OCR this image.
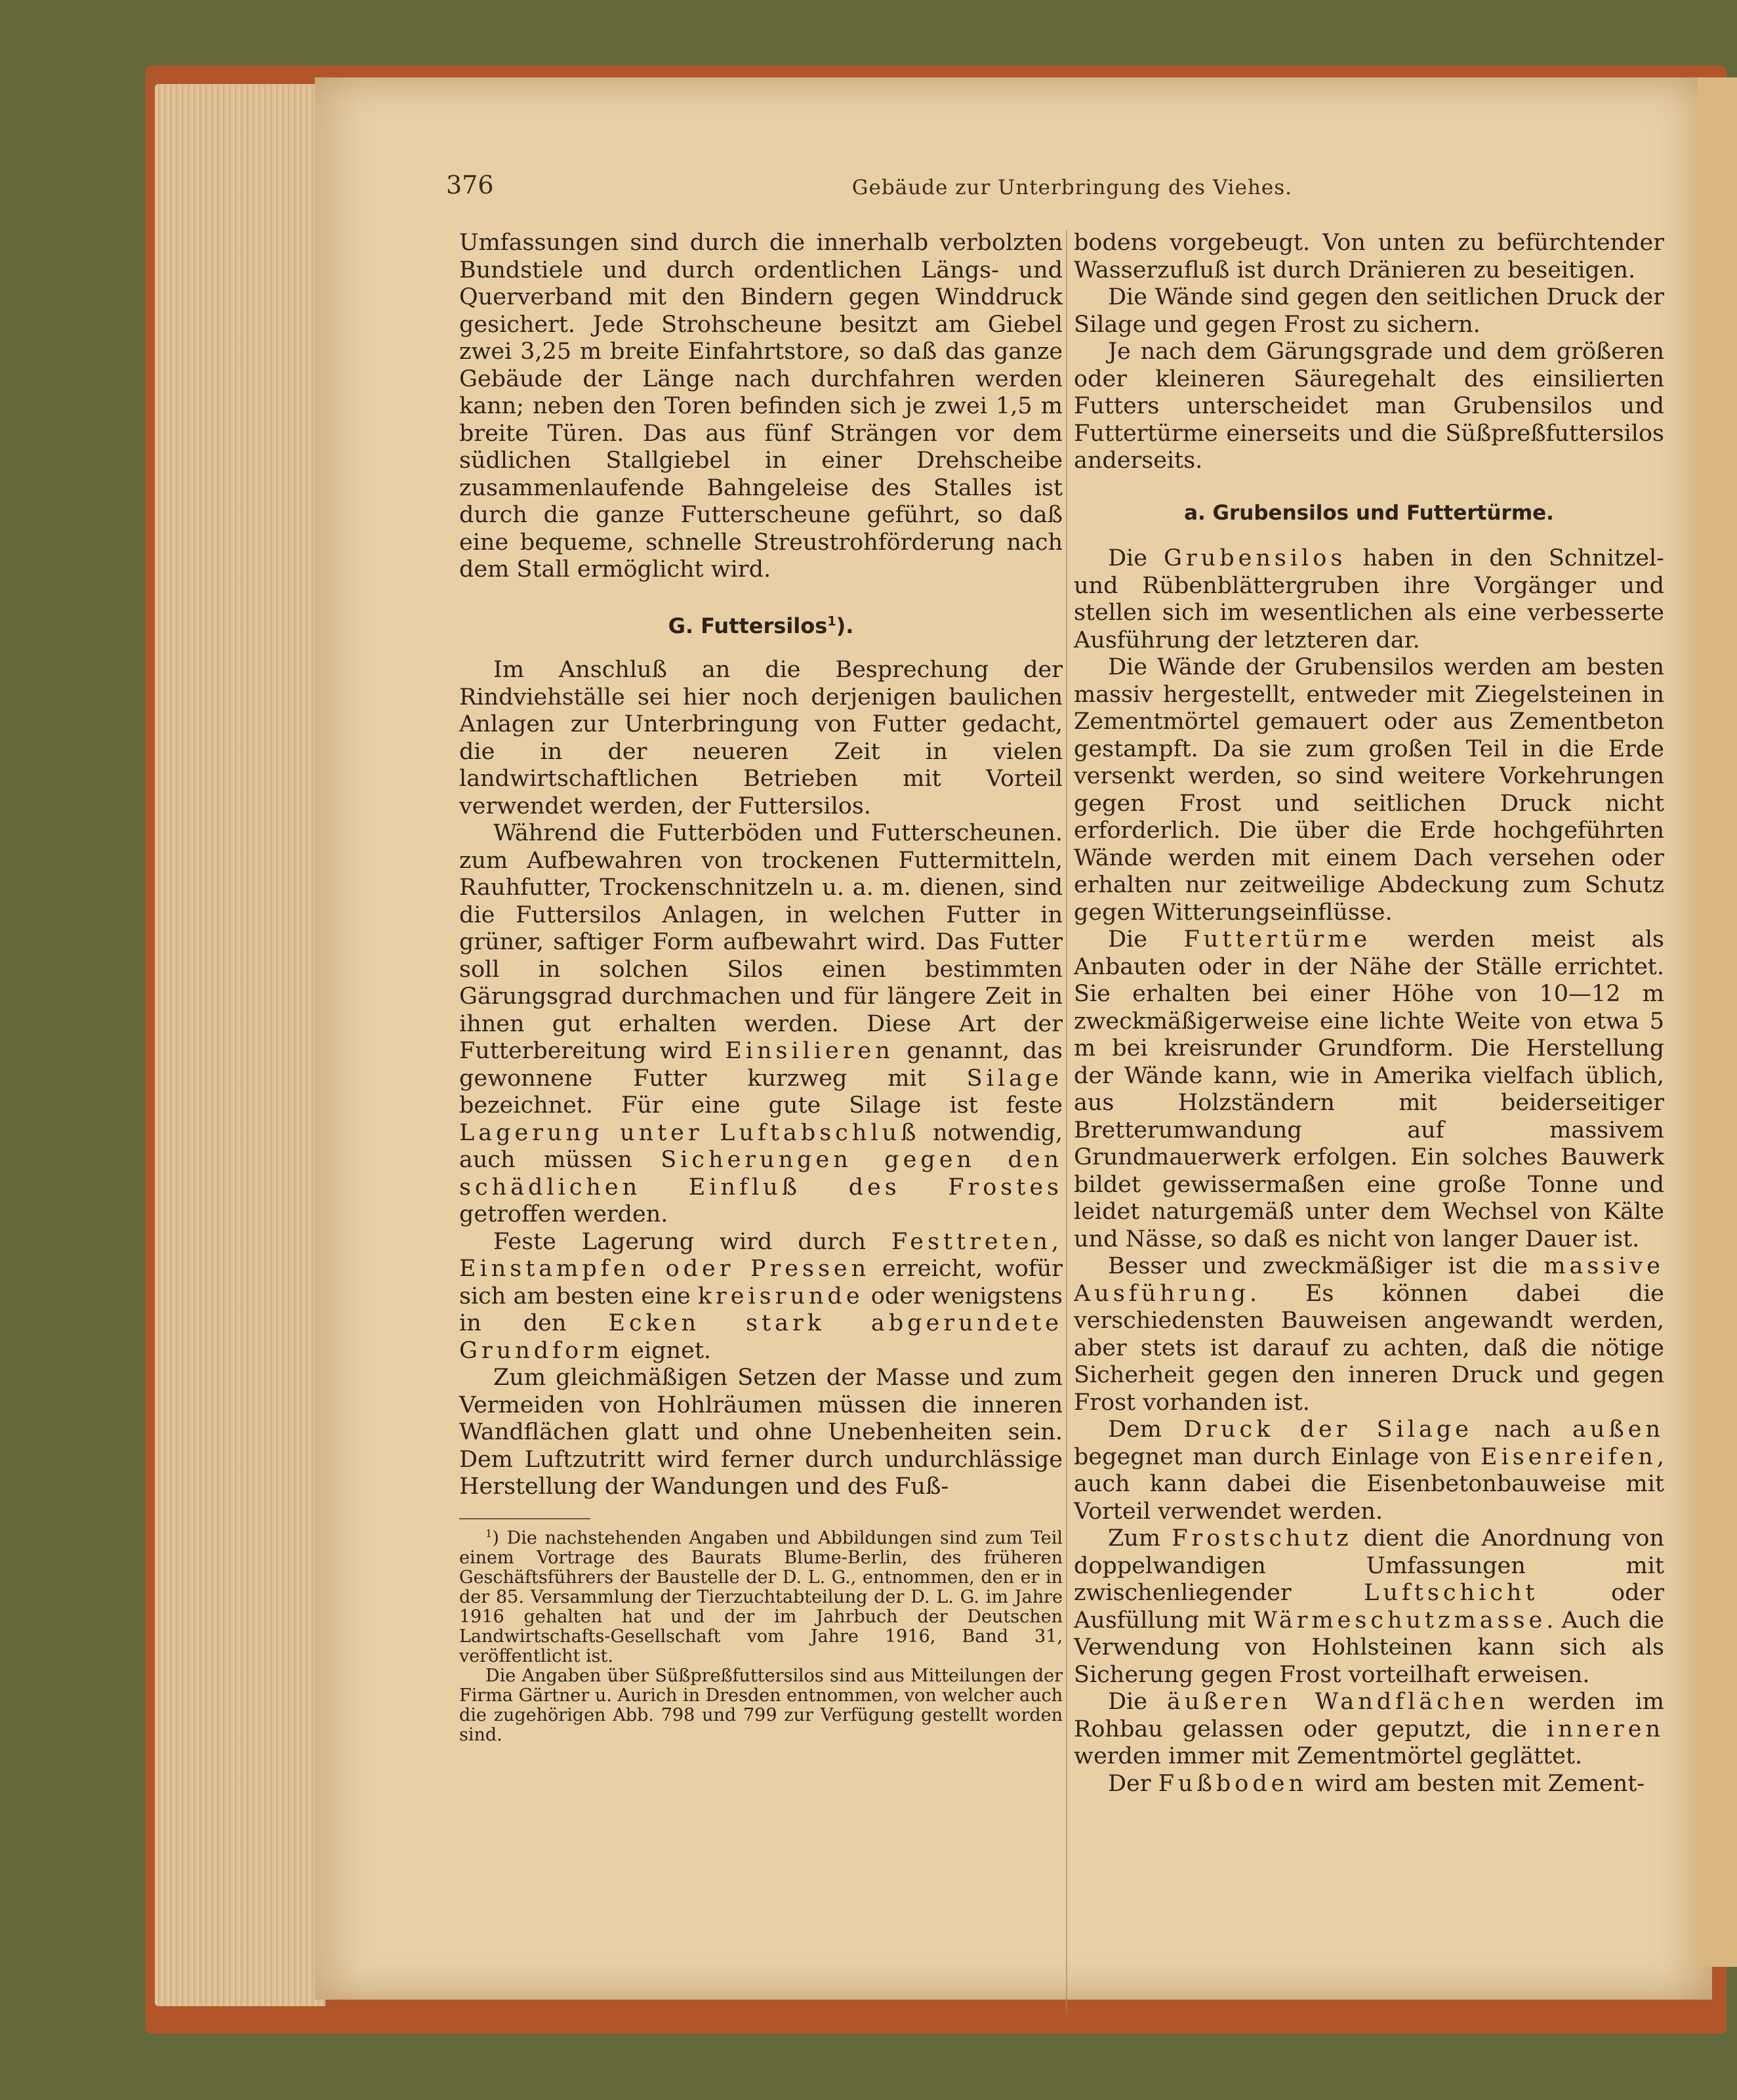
376	Gebäude zur Unterbringung des Viehes.

Umfassungen sind durch die innerhalb verbolzten Bundstiele und durch ordentlichen Längs- und Querverband mit den Bindern gegen Winddruck gesichert. Jede Strohscheune besitzt am Giebel zwei 3,25 m breite Einfahrtstore, so daß das ganze Gebäude der Länge nach durchfahren werden kann; neben den Toren befinden sich je zwei 1,5 m breite Türen. Das aus fünf Strängen vor dem südlichen Stallgiebel in einer Drehscheibe zusammenlaufende Bahngeleise des Stalles ist durch die ganze Futterscheune geführt, so daß eine bequeme, schnelle Streustrohförderung nach dem Stall ermöglicht wird.

G. Futtersilos$^1$).

Im Anschluß an die Besprechung der Rindviehställe sei hier noch derjenigen baulichen Anlagen zur Unterbringung von Futter gedacht, die in der neueren Zeit in vielen landwirtschaftlichen Betrieben mit Vorteil verwendet werden, der Futtersilos.

Während die Futterböden und Futterscheunen. zum Aufbewahren von trockenen Futtermitteln, Rauhfutter, Trockenschnitzeln u. a. m. dienen, sind die Futtersilos Anlagen, in welchen Futter in grüner, saftiger Form aufbewahrt wird. Das Futter soll in solchen Silos einen bestimmten Gärungsgrad durchmachen und für längere Zeit in ihnen gut erhalten werden. Diese Art der Futterbereitung wird Einsilieren genannt, das gewonnene Futter kurzweg mit Silage bezeichnet. Für eine gute Silage ist feste Lagerung unter Luftabschluß notwendig, auch müssen Sicherungen gegen den schädlichen Einfluß des Frostes getroffen werden.

Feste Lagerung wird durch Festtreten, Einstampfen oder Pressen erreicht, wofür sich am besten eine kreisrunde oder wenigstens in den Ecken stark abgerundete Grundform eignet.

Zum gleichmäßigen Setzen der Masse und zum Vermeiden von Hohlräumen müssen die inneren Wandflächen glatt und ohne Unebenheiten sein. Dem Luftzutritt wird ferner durch undurchlässige Herstellung der Wandungen und des Fuß-

$^1$) Die nachstehenden Angaben und Abbildungen sind zum Teil einem Vortrage des Baurats Blume-Berlin, des früheren Geschäftsführers der Baustelle der D. L. G., entnommen, den er in der 85. Versammlung der Tierzuchtabteilung der D. L. G. im Jahre 1916 gehalten hat und der im Jahrbuch der Deutschen Landwirtschafts-Gesellschaft vom Jahre 1916, Band 31, veröffentlicht ist.

Die Angaben über Süßpreßfuttersilos sind aus Mitteilungen der Firma Gärtner u. Aurich in Dresden entnommen, von welcher auch die zugehörigen Abb. 798 und 799 zur Verfügung gestellt worden sind.

bodens vorgebeugt. Von unten zu befürchtender Wasserzufluß ist durch Dränieren zu beseitigen.

Die Wände sind gegen den seitlichen Druck der Silage und gegen Frost zu sichern.

Je nach dem Gärungsgrade und dem größeren oder kleineren Säuregehalt des einsilierten Futters unterscheidet man Grubensilos und Futtertürme einerseits und die Süßpreßfuttersilos anderseits.

a. Grubensilos und Futtertürme.

Die Grubensilos haben in den Schnitzel- und Rübenblättergruben ihre Vorgänger und stellen sich im wesentlichen als eine verbesserte Ausführung der letzteren dar.

Die Wände der Grubensilos werden am besten massiv hergestellt, entweder mit Ziegelsteinen in Zementmörtel gemauert oder aus Zementbeton gestampft. Da sie zum großen Teil in die Erde versenkt werden, so sind weitere Vorkehrungen gegen Frost und seitlichen Druck nicht erforderlich. Die über die Erde hochgeführten Wände werden mit einem Dach versehen oder erhalten nur zeitweilige Abdeckung zum Schutz gegen Witterungseinflüsse.

Die Futtertürme werden meist als Anbauten oder in der Nähe der Ställe errichtet. Sie erhalten bei einer Höhe von 10—12 m zweckmäßigerweise eine lichte Weite von etwa 5 m bei kreisrunder Grundform. Die Herstellung der Wände kann, wie in Amerika vielfach üblich, aus Holzständern mit beiderseitiger Bretterumwandung auf massivem Grundmauerwerk erfolgen. Ein solches Bauwerk bildet gewissermaßen eine große Tonne und leidet naturgemäß unter dem Wechsel von Kälte und Nässe, so daß es nicht von langer Dauer ist.

Besser und zweckmäßiger ist die massive Ausführung. Es können dabei die verschiedensten Bauweisen angewandt werden, aber stets ist darauf zu achten, daß die nötige Sicherheit gegen den inneren Druck und gegen Frost vorhanden ist.

Dem Druck der Silage nach außen begegnet man durch Einlage von Eisenreifen, auch kann dabei die Eisenbetonbauweise mit Vorteil verwendet werden.

Zum Frostschutz dient die Anordnung von doppelwandigen Umfassungen mit zwischenliegender Luftschicht oder Ausfüllung mit Wärmeschutzmasse. Auch die Verwendung von Hohlsteinen kann sich als Sicherung gegen Frost vorteilhaft erweisen.

Die äußeren Wandflächen werden im Rohbau gelassen oder geputzt, die inneren werden immer mit Zementmörtel geglättet.

Der Fußboden wird am besten mit Zement-
